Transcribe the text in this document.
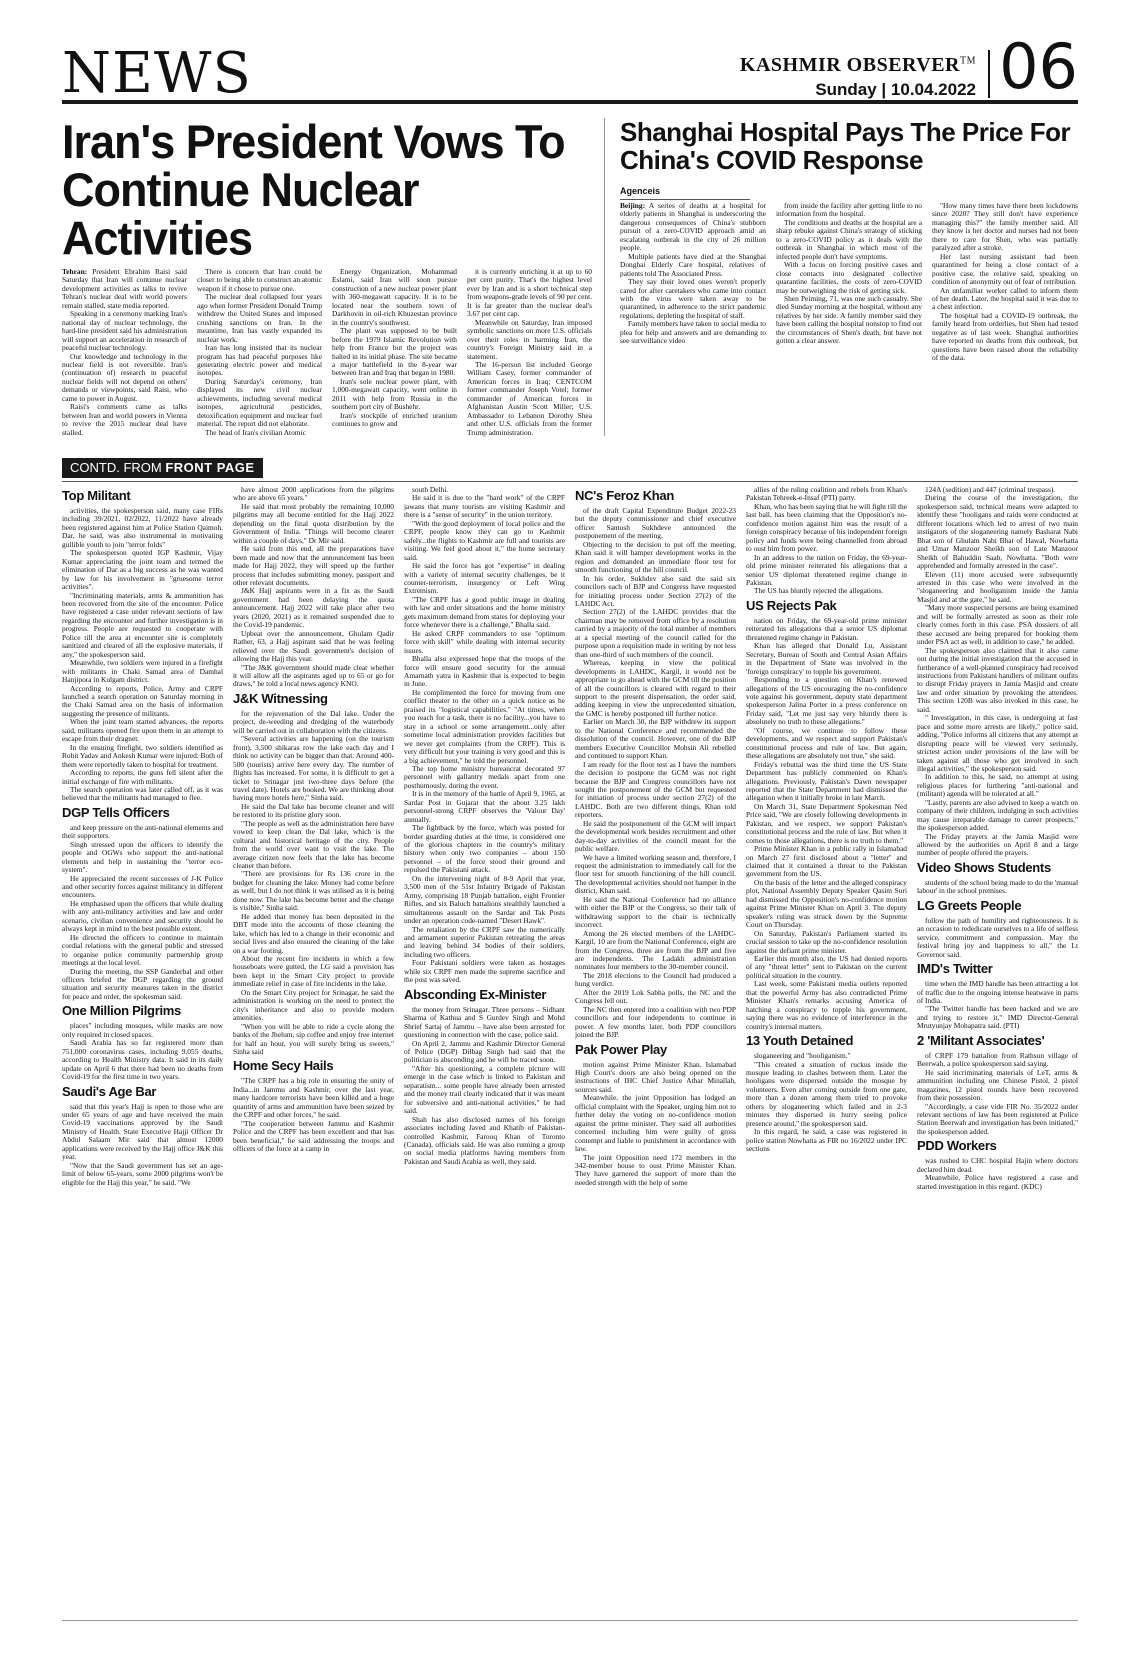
NEWS	KASHMIR OBSERVER™
Sunday | 10.04.2022 06
Iran's President Vows To Continue Nuclear Activities

Tehran: President Ebrahim Raisi said Saturday that Iran will continue nuclear development activities as talks to revive Tehran's nuclear deal with world powers remain stalled, state media reported.

Speaking in a ceremony marking Iran's national day of nuclear technology, the hard-line president said his administration will support an acceleration in research of peaceful nuclear technology.

Our knowledge and technology in the nuclear field is not reversible. Iran's (continuation of) research in peaceful nuclear fields will not depend on others' demands or viewpoints, said Raisi, who came to power in August.

Raisi's comments came as talks between Iran and world powers in Vienna to revive the 2015 nuclear deal have stalled.

There is concern that Iran could be closer to being able to construct an atomic weapon if it chose to pursue one.

The nuclear deal collapsed four years ago when former President Donald Trump withdrew the United States and imposed crushing sanctions on Iran. In the meantime, Iran has vastly expanded its nuclear work.

Iran has long insisted that its nuclear program has had peaceful purposes like generating electric power and medical isotopes.

During Saturday's ceremony, Iran displayed its new civil nuclear achievements, including several medical isotopes, agricultural pesticides, detoxification equipment and nuclear fuel material. The report did not elaborate.

The head of Iran's civilian Atomic

Energy Organization, Mohammad Eslami, said Iran will soon pursue construction of a new nuclear power plant with 360-megawatt capacity. It is to be located near the southern town of Darkhovin in oil-rich Khuzestan province in the country's southwest.

The plant was supposed to be built before the 1979 Islamic Revolution with help from France but the project was halted in its initial phase. The site became a major battlefield in the 8-year war between Iran and Iraq that began in 1980.

Iran's sole nuclear power plant, with 1,000-megawatt capacity, went online in 2011 with help from Russia in the southern port city of Bushehr.

Iran's stockpile of enriched uranium continues to grow and

it is currently enriching it at up to 60 per cent purity. That's the highest level ever by Iran and is a short technical step from weapons-grade levels of 90 per cent. It is far greater than the nuclear deal's 3.67 per cent cap.

Meanwhile on Saturday, Iran imposed symbolic sanctions on more U.S. officials over their roles in harming Iran, the country's Foreign Ministry said in a statement.

The 16-person list included George William Casey, former commander of American forces in Iraq; CENTCOM former commander Joseph Votel; former commander of American forces in Afghanistan Austin Scott Miller; U.S. Ambassador to Lebanon Dorothy Shea and other U.S. officials from the former Trump administration.

Shanghai Hospital Pays The Price For China's COVID Response
Agenceis

Beijing: A series of deaths at a hospital for elderly patients in Shanghai is underscoring the dangerous consequences of China's stubborn pursuit of a zero-COVID approach amid an escalating outbreak in the city of 26 million people.

Multiple patients have died at the Shanghai Donghai Elderly Care hospital, relatives of patients told The Associated Press.

They say their loved ones weren't properly cared for after caretakers who came into contact with the virus were taken away to be quarantined, in adherence to the strict pandemic regulations, depleting the hospital of staff.

Family members have taken to social media to plea for help and answers and are demanding to see surveillance video

from inside the facility after getting little to no information from the hospital.

The conditions and deaths at the hospital are a sharp rebuke against China's strategy of sticking to a zero-COVID policy as it deals with the outbreak in Shanghai in which most of the infected people don't have symptoms.

With a focus on forcing positive cases and close contacts into designated collective quarantine facilities, the costs of zero-COVID may be outweighing the risk of getting sick.

Shen Peiming, 71, was one such casualty. She died Sunday morning at the hospital, without any relatives by her side. A family member said they have been calling the hospital nonstop to find out the circumstances of Shen's death, but have not gotten a clear answer.

"How many times have there been lockdowns since 2020? They still don't have experience managing this?" the family member said. All they know is her doctor and nurses had not been there to care for Shen, who was partially paralyzed after a stroke.

Her last nursing assistant had been quarantined for being a close contact of a positive case, the relative said, speaking on condition of anonymity out of fear of retribution.

An unfamiliar worker called to inform them of her death. Later, the hospital said it was due to a chest infection.

The hospital had a COVID-19 outbreak, the family heard from orderlies, but Shen had tested negative as of last week. Shanghai authorities have reported no deaths from this outbreak, but questions have been raised about the reliability of the data.

CONTD. FROM FRONT PAGE
Top Militant

activities, the spokesperson said, many case FIRs including 39/2021, 02/2022, 11/2022 have already been registered against him at Police Station Qaimoh. Dar, he said, was also instrumental in motivating gullible youth to join "terror folds"

The spokesperson quoted IGP Kashmir, Vijay Kumar appreciating the joint team and termed the elimination of Dar as a big success as he was wanted by law for his involvement in "gruesome terror activities".

"Incriminating materials, arms & ammunition has been recovered from the site of the encounter. Police have registered a case under relevant sections of law regarding the encounter and further investigation is in progress. People are requested to cooperate with Police till the area at encounter site is completely sanitized and cleared of all the explosive materials, if any," the spokesperson said.

Meanwhile, two soldiers were injured in a firefight with militants in Chaki Samad area of Damhal Hanjipora in Kulgam district.

According to reports, Police, Army and CRPF launched a search operation on Saturday morning in the Chaki Samad area on the basis of information suggesting the presence of militants.

When the joint team started advances, the reports said, militants opened fire upon them in an attempt to escape from their dragnet.

In the ensuing firefight, two soldiers identified as Rohit Yadav and Ankesh Kumar were injured. Both of them were reportedly taken to hospital for treatment.

According to reports, the guns fell silent after the initial exchange of fire with militants.

The search operation was later called off, as it was believed that the militants had managed to flee.

DGP Tells Officers

and keep pressure on the anti-national elements and their supporters.

Singh stressed upon the officers to identify the people and OGWs who support the anti-national elements and help in sustaining the "terror eco-system".

He appreciated the recent successes of J-K Police and other security forces against militancy in different encounters.

He emphasised upon the officers that while dealing with any anti-militancy activities and law and order scenario, civilian convenience and security should be always kept in mind to the best possible extent.

He directed the officers to continue to maintain cordial relations with the general public and stressed to organise police community partnership group meetings at the local level.

During the meeting, the SSP Ganderbal and other officers briefed the DGP regarding the ground situation and security measures taken in the district for peace and order, the spokesman said.

One Million Pilgrims

places" including mosques, while masks are now only required in closed spaces.

Saudi Arabia has so far registered more than 751,000 coronavirus cases, including 9,055 deaths, according to Health Ministry data. It said in its daily update on April 6 that there had been no deaths from Covid-19 for the first time in two years.

Saudi's Age Bar

said that this year's Hajj is open to those who are under 65 years of age and have received the main Covid-19 vaccinations approved by the Saudi Ministry of Health. State Executive Hajji Officer Dr Abdul Salaam Mir said that almost 12000 applications were received by the Hajj office J&K this year.

"Now that the Saudi government has set an age-limit of below 65-years, some 2000 pilgrims won't be eligible for the Hajj this year," he said. "We

have almost 2000 applications from the pilgrims who are above 65 years."

He said that most probably the remaining 10,000 pilgrims may all become entitled for the Hajj 2022 depending on the final quota distribution by the Government of India. "Things will become clearer within a couple of days," Dr Mir said.

He said from this end, all the preparations have been made and now that the announcement has been made for Hajj 2022, they will speed up the further process that includes submitting money, passport and other relevant documents.

J&K Hajj aspirants were in a fix as the Saudi government had been delaying the quota announcement. Hajj 2022 will take place after two years (2020, 2021) as it remained suspended due to the Covid-19 pandemic.

Upbeat over the announcement, Ghulam Qadir Rather, 63, a Hajj aspirant said that he was feeling relieved over the Saudi government's decision of allowing the Hajj this year.

"The J&K government should made clear whether it will allow all the aspirants aged up to 65 or go for draws," he told a local news agency KNO.

J&K Witnessing

for the rejuvenation of the Dal lake. Under the project, de-weeding and dredging of the waterbody will be carried out in collaboration with the citizens.

"Several activities are happening (on the tourism front), 3,500 shikaras row the lake each day and I think no activity can be bigger than that. Around 400-500 (tourists) arrive here every day. The number of flights has increased. For some, it is difficult to get a ticket to Srinagar just two-three days before (the travel date). Hotels are booked. We are thinking about having more hotels here," Sinha said.

He said the Dal lake has become cleaner and will be restored to its pristine glory soon.

"The people as well as the administration here have vowed to keep clean the Dal lake, which is the cultural and historical heritage of the city. People from the world over want to visit the lake. The average citizen now feels that the lake has become cleaner than before.

"There are provisions for Rs 136 crore in the budget for cleaning the lake. Money had come before as well, but I do not think it was utilised as it is being done now. The lake has become better and the change is visible," Sinha said.

He added that money has been deposited in the DBT mode into the accounts of those cleaning the lake, which has led to a change in their economic and social lives and also ensured the cleaning of the lake on a war footing.

About the recent fire incidents in which a few houseboats were gutted, the LG said a provision has been kept in the Smart City project to provide immediate relief in case of fire incidents in the lake.

On the Smart City project for Srinagar, he said the administration is working on the need to protect the city's inheritance and also to provide modern amenities.

"When you will be able to ride a cycle along the banks of the Jhelum, sip coffee and enjoy free internet for half an hour, you will surely bring us sweets," Sinha said

Home Secy Hails

"The CRPF has a big role in ensuring the unity of India...in Jammu and Kashmir, over the last year, many hardcore terrorists have been killed and a huge quantity of arms and ammunition have been seized by the CRPF and other forces," he said.

"The cooperation between Jammu and Kashmir Police and the CRPF has been excellent and that has been beneficial," he said addressing the troops and officers of the force at a camp in

south Delhi.

He said it is due to the "hard work" of the CRPF jawans that many tourists are visiting Kashmir and there is a "sense of security" in the union territory.

"With the good deployment of local police and the CRPF, people know they can go to Kashmir safely...the flights to Kashmir are full and tourists are visiting. We feel good about it," the home secretary said.

He said the force has got "expertise" in dealing with a variety of internal security challenges, be it counter-terrorism, insurgency or Left Wing Extremism.

"The CRPF has a good public image in dealing with law and order situations and the home ministry gets maximum demand from states for deploying your force whenever there is a challenge," Bhalla said.

He asked CRPF commanders to use "optimum force with skill" while dealing with internal security issues.

Bhalla also expressed hope that the troops of the force will ensure good security for the annual Amarnath yatra in Kashmir that is expected to begin in June.

He complimented the force for moving from one conflict theater to the other on a quick notice as he praised its "logistical capabilities." "At times, when you reach for a task, there is no facility...you have to stay in a school or some arrangement...only after sometime local administration provides facilities but we never get complaints (from the CRPF). This is very difficult but your training is very good and this is a big achievement," he told the personnel.

The top home ministry bureaucrat decorated 97 personnel with gallantry medals apart from one posthumously, during the event.

It is in the memory of the battle of April 9, 1965, at Sardar Post in Gujarat that the about 3.25 lakh personnel-strong CRPF observes the 'Valour Day' annually.

The fightback by the force, which was posted for border guarding duties at the time, is considered one of the glorious chapters in the country's military history when only two companies – about 150 personnel – of the force stood their ground and repulsed the Pakistani attack.

On the intervening night of 8-9 April that year, 3,500 men of the 51st Infantry Brigade of Pakistan Army, comprising 18 Punjab battalion, eight Frontier Rifles, and six Baluch battalions stealthily launched a simultaneous assault on the Sardar and Tak Posts under an operation code-named "Desert Hawk".

The retaliation by the CRPF saw the numerically and armament superior Pakistan retreating the areas and leaving behind 34 bodies of their soldiers, including two officers.

Four Pakistani soldiers were taken as hostages while six CRPF men made the supreme sacrifice and the post was saved.

Absconding Ex-Minister

the money from Srinagar. Three persons – Sidhant Sharma of Kathua and S Gurdev Singh and Mohd Shrief Sartaj of Jammu – have also been arrested for questioning in connection with the case, police said.

On April 2, Jammu and Kashmir Director General of Police (DGP) Dilbag Singh had said that the politician is absconding and he will be traced soon.

"After his questioning, a complete picture will emerge in the case which is linked to Pakistan and separatism... some people have already been arrested and the money trail clearly indicated that it was meant for subversive and anti-national activities," he had said.

Shah has also disclosed names of his foreign associates including Javed and Khatib of Pakistan-controlled Kashmir, Farooq Khan of Toronto (Canada), officials said. He was also running a group on social media platforms having members from Pakistan and Saudi Arabia as well, they said.

NC's Feroz Khan

of the draft Capital Expenditure Budget 2022-23 but the deputy commissioner and chief executive officer Santosh Sukhdeve announced the postponement of the meeting.

Objecting to the decision to put off the meeting, Khan said it will hamper development works in the region and demanded an immediate floor test for smooth functioning of the hill council.

In his order, Sukhdev also said the said six councilors each of BJP and Congress have requested for initiating process under Section 27(2) of the LAHDC Act.

Section 27(2) of the LAHDC provides that the chairman may be removed from office by a resolution carried by a majority of the total number of members at a special meeting of the council called for the purpose upon a requisition made in writing by not less than one-third of such members of the council.

Whereas, keeping in view the political developments in LAHDC, Kargil, it would not be appropriate to go ahead with the GCM till the position of all the councillors is cleared with regard to their support to the present dispensation, the order said, adding keeping in view the unprecedented situation, the GMC is hereby postponed till further notice.

Earlier on March 30, the BJP withdrew its support to the National Conference and recommended the dissolution of the council. However, one of the BJP members Executive Councillor Mohsin Ali rebelled and continued to support Khan.

I am ready for the floor test as I have the numbers the decision to postpone the GCM was not right because the BJP and Congress councillors have not sought the postponement of the GCM but requested for initiation of process under section 27(2) of the LAHDC. Both are two different things, Khan told reporters.

He said the postponement of the GCM will impact the developmental work besides recruitment and other day-to-day activities of the council meant for the public welfare.

We have a limited working season and, therefore, I request the administration to immediately call for the floor test for smooth functioning of the hill council. The developmental activities should not hamper in the district, Khan said.

He said the National Conference had no alliance with either the BJP or the Congress, so their talk of withdrawing support to the chair is technically incorrect.

Among the 26 elected members of the LAHDC-Kargil, 10 are from the National Conference, eight are from the Congress, three are from the BJP and five are independents. The Ladakh administration nominates four members to the 30-member council.

The 2018 elections to the Council had produced a hung verdict.

After the 2019 Lok Sabha polls, the NC and the Congress fell out.

The NC then entered into a coalition with two PDP councillors and four independents to continue in power. A few months later, both PDP councillors joined the BJP.

Pak Power Play

motion against Prime Minister Khan. Islamabad High Court's doors are also being opened on the instructions of IHC Chief Justice Athar Minallah, sources said.

Meanwhile, the joint Opposition has lodged an official complaint with the Speaker, urging him not to further delay the voting on no-confidence motion against the prime minister. They said all authorities concerned including him were guilty of gross contempt and liable to punishment in accordance with law.

The joint Opposition need 172 members in the 342-member house to oust Prime Minister Khan. They have garnered the support of more than the needed strength with the help of some

allies of the ruling coalition and rebels from Khan's Pakistan Tehreek-e-Insaf (PTI) party.

Khan, who has been saying that he will fight till the last ball, has been claiming that the Opposition's no-confidence motion against him was the result of a foreign conspiracy because of his independent foreign policy and funds were being channelled from abroad to oust him from power.

In an address to the nation on Friday, the 69-year-old prime minister reiterated his allegations that a senior US diplomat threatened regime change in Pakistan.

The US has bluntly rejected the allegations.

US Rejects Pak

nation on Friday, the 69-year-old prime minister reiterated his allegations that a senior US diplomat threatened regime change in Pakistan.

Khan has alleged that Donald Lu, Assistant Secretary, Bureau of South and Central Asian Affairs in the Department of State was involved in the 'foreign conspiracy' to topple his government.

Responding to a question on Khan's renewed allegations of the US encouraging the no-confidence vote against his government, deputy state department spokesperson Jalina Porter in a press conference on Friday said, "Let me just say very bluntly there is absolutely no truth to these allegations."

"Of course, we continue to follow these developments, and we respect and support Pakistan's constitutional process and rule of law. But again, these allegations are absolutely not true," she said.

Friday's rebuttal was the third time the US State Department has publicly commented on Khan's allegations. Previously, Pakistan's Dawn newspaper reported that the State Department had dismissed the allegation when it initially broke in late March.

On March 31, State Department Spokesman Ned Price said, "We are closely following developments in Pakistan, and we respect, we support Pakistan's constitutional process and the rule of law. But when it comes to those allegations, there is no truth to them."

Prime Minister Khan in a public rally in Islamabad on March 27 first disclosed about a "letter" and claimed that it contained a threat to the Pakistan government from the US.

On the basis of the letter and the alleged conspiracy plot, National Assembly Deputy Speaker Qasim Suri had dismissed the Opposition's no-confidence motion against Prime Minister Khan on April 3. The deputy speaker's ruling was struck down by the Supreme Court on Thursday.

On Saturday, Pakistan's Parliament started its crucial session to take up the no-confidence resolution against the defiant prime minister.

Earlier this month also, the US had denied reports of any "threat letter" sent to Pakistan on the current political situation in the country.

Last week, some Pakistani media outlets reported that the powerful Army has also contradicted Prime Minister Khan's remarks accusing America of hatching a conspiracy to topple his government, saying there was no evidence of interference in the country's internal matters.

13 Youth Detained

sloganeering and "hooliganism."

"This created a situation of ruckus inside the mosque leading to clashes between them. Later the hooligans were dispersed outside the mosque by volunteers. Even after coming outside from one gate, more than a dozen among them tried to provoke others by sloganeering which failed and in 2-3 minutes they dispersed in hurry seeing police presence around," the spokesperson said.

In this regard, he said, a case was registered in police station Nowhatta as FIR no 16/2022 under IPC sections

124A (sedition) and 447 (criminal trespass).

During the course of the investigation, the spokesperson said, technical means were adapted to identify these "hooligans and raids were conducted at different locations which led to arrest of two main instigators of the sloganeering namely Basharat Nabi Bhat son of Ghulam Nabi Bhat of Hawal, Nowhatta and Umar Manzoor Sheikh son of Late Manzoor Sheikh of Bahuddin Saab, Nowhatta. "Both were apprehended and formally arrested in the case".

Eleven (11) more accused were subsequently arrested in this case who were involved in the "sloganeering and hooliganism inside the Jamia Masjid and at the gate," he said.

"Many more suspected persons are being examined and will be formally arrested as soon as their role clearly comes forth in this case. PSA dossiers of all these accused are being prepared for booking them under PSA act as well, in addition to case," he added.

The spokesperson also claimed that it also came out during the initial investigation that the accused in furtherance of a well-planned conspiracy had received instructions from Pakistani handlers of militant outfits to disrupt Friday prayers in Jamia Masjid and create law and order situation by provoking the attendees. This section 120B was also invoked in this case, he said.

" Investigation, in this case, is undergoing at fast pace and some more arrests are likely," police said, adding, "Police informs all citizens that any attempt at disrupting peace will be viewed very seriously, strictest action under provisions of the law will be taken against all those who get involved in such illegal activities," the spokesperson said.

In addition to this, he said, no attempt at using religious places for furthering "anti-national and (militant) agenda will be tolerated at all."

"Lastly, parents are also advised to keep a watch on company of their children, indulging in such activities may cause irreparable damage to career prospects," the spokesperson added.

The Friday prayers at the Jamia Masjid were allowed by the authorities on April 8 and a large number of people offered the prayers.

Video Shows Students

students of the school being made to do the 'manual labour' in the school premises.

LG Greets People

follow the path of humility and righteousness. It is an occasion to rededicate ourselves to a life of selfless service, commitment and compassion. May the festival bring joy and happiness to all," the Lt Governor said.

IMD's Twitter

time when the IMD handle has been attracting a lot of traffic due to the ongoing intense heatwave in parts of India.

"The Twitter handle has been hacked and we are and trying to restore it," IMD Director-General Mrutyunjay Mohapatra said. (PTI)

2 'Militant Associates'

of CRPF 179 battalion from Rathsun village of Beerwah, a police spokesperson said saying.

He said incriminating materials of LeT, arms & ammunition including one Chinese Pistol, 2 pistol magazines, 12 pistol rounds have been recovered from their possession.

"Accordingly, a case vide FIR No. 35/2022 under relevant sections of law has been registered at Police Station Beerwah and investigation has been initiated," the spokesperson added.

PDD Workers

was rushed to CHC hospital Hajin where doctors declared him dead.

Meanwhile, Police have registered a case and started investigation in this regard. (KDC)
